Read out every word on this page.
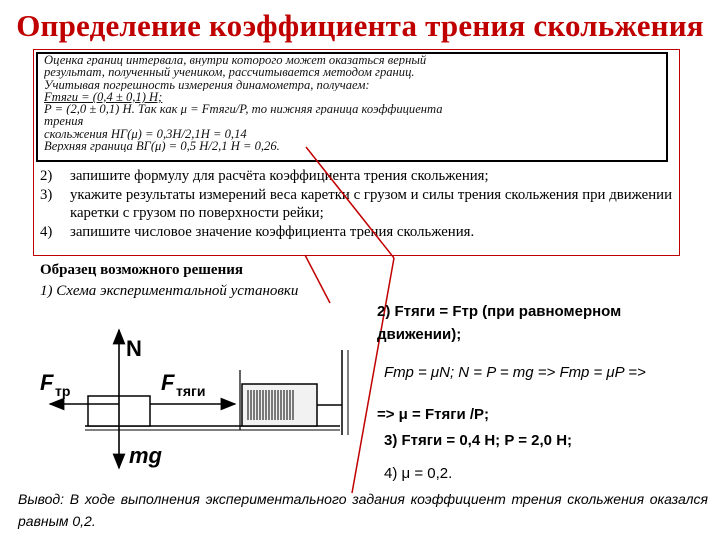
Определение коэффициента трения скольжения
Оценка границ интервала, внутри которого может оказаться верный
результат, полученный учеником, рассчитывается методом границ.
Учитывая погрешность измерения динамометра, получаем:
Fтяги = (0,4 ± 0,1) Н;
P = (2,0 ± 0,1) Н. Так как μ = Fтяги/P, то нижняя граница коэффициента
трения
скольжения НГ(μ) = 0,3Н/2,1Н = 0,14
Верхняя граница ВГ(μ) = 0,5 Н/2,1 Н = 0,26.
2)	запишите формулу для расчёта коэффициента трения скольжения;
3)	укажите результаты измерений веса каретки с грузом и силы трения скольжения при движении каретки с грузом по поверхности рейки;
4)	запишите числовое значение коэффициента трения скольжения.
Образец возможного решения
1) Схема экспериментальной установки
N
F тр	F тяги
mg
2) Fтяги = Fтр (при равномерном
движении);
Fтр = μN; N = P = mg => Fтр = μP =>
=> μ = Fтяги /P;
3) Fтяги = 0,4 Н; P = 2,0 Н;
4) μ = 0,2.
Вывод: В ходе выполнения экспериментального задания коэффициент трения скольжения оказался равным 0,2.
